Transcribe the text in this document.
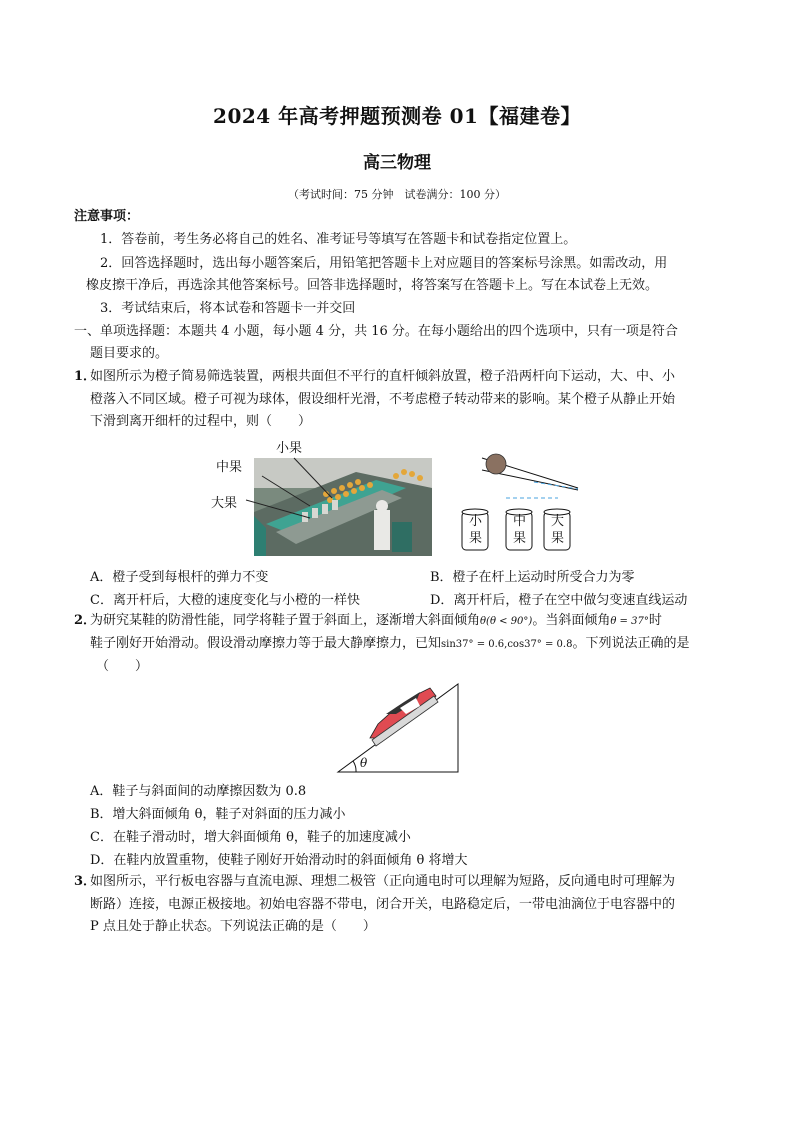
2024 年高考押题预测卷 01【福建卷】
高三物理
（考试时间：75 分钟　试卷满分：100 分）
注意事项：
1．答卷前，考生务必将自己的姓名、准考证号等填写在答题卡和试卷指定位置上。
2．回答选择题时，选出每小题答案后，用铅笔把答题卡上对应题目的答案标号涂黑。如需改动，用
橡皮擦干净后，再选涂其他答案标号。回答非选择题时，将答案写在答题卡上。写在本试卷上无效。
3．考试结束后，将本试卷和答题卡一并交回
一、单项选择题：本题共 4 小题，每小题 4 分，共 16 分。在每小题给出的四个选项中，只有一项是符合
题目要求的。
1．
如图所示为橙子简易筛选装置，两根共面但不平行的直杆倾斜放置，橙子沿两杆向下运动，大、中、小
橙落入不同区域。橙子可视为球体，假设细杆光滑，不考虑橙子转动带来的影响。某个橙子从静止开始
下滑到离开细杆的过程中，则（　　）
小果
中果
大果
小
果
中
果
大
果
A．橙子受到每根杆的弹力不变	B．橙子在杆上运动时所受合力为零
C．离开杆后，大橙的速度变化与小橙的一样快	D．离开杆后，橙子在空中做匀变速直线运动
2．
为研究某鞋的防滑性能，同学将鞋子置于斜面上，逐渐增大斜面倾角θ(θ < 90°)。当斜面倾角θ = 37°时
鞋子刚好开始滑动。假设滑动摩擦力等于最大静摩擦力，已知sin37° = 0.6,cos37° = 0.8。下列说法正确的是
（　　）
θ
A．鞋子与斜面间的动摩擦因数为 0.8
B．增大斜面倾角 θ，鞋子对斜面的压力减小
C．在鞋子滑动时，增大斜面倾角 θ，鞋子的加速度减小
D．在鞋内放置重物，使鞋子刚好开始滑动时的斜面倾角 θ 将增大
3．
如图所示，平行板电容器与直流电源、理想二极管（正向通电时可以理解为短路，反向通电时可理解为
断路）连接，电源正极接地。初始电容器不带电，闭合开关，电路稳定后，一带电油滴位于电容器中的
P 点且处于静止状态。下列说法正确的是（　　）
